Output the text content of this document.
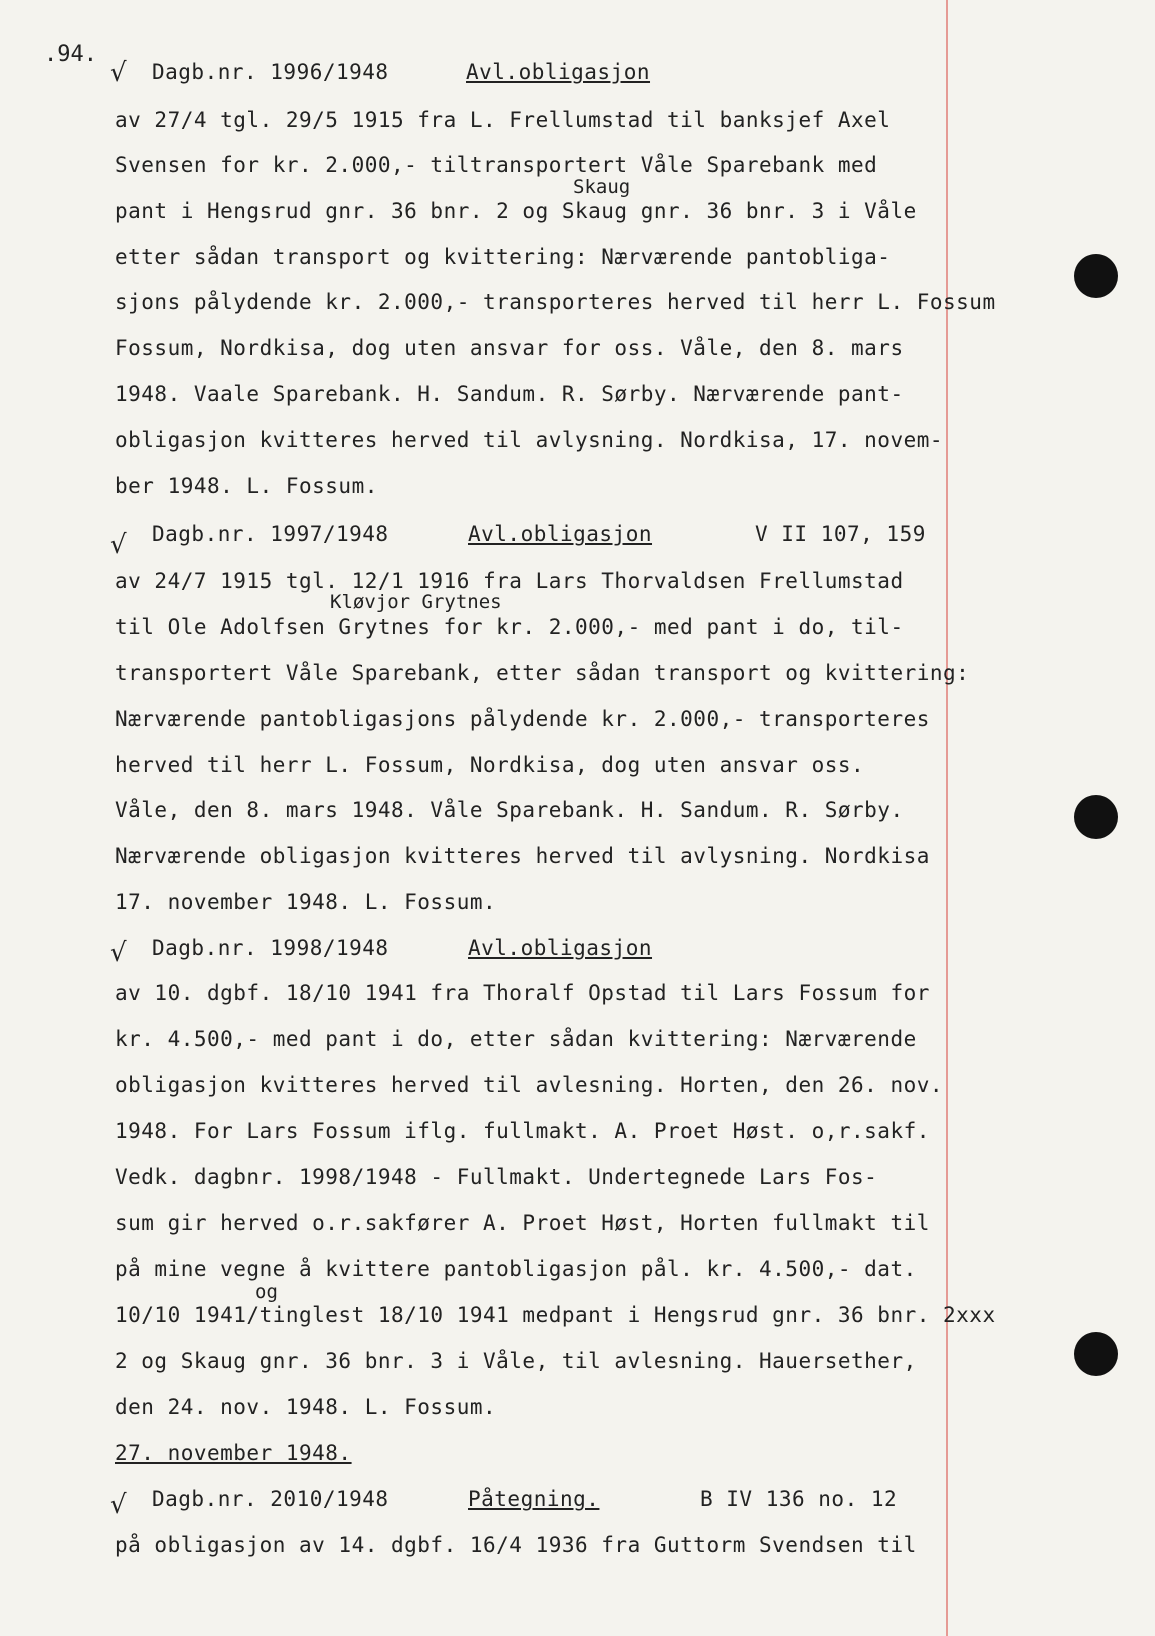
.94.
√ Dagb.nr. 1996/1948	Avl.obligasjon
Skaug
av 27/4 tgl. 29/5 1915 fra L. Frellumstad til banksjef Axel
Svensen for kr. 2.000,- tiltransportert Våle Sparebank med
pant i Hengsrud gnr. 36 bnr. 2 og Skaug gnr. 36 bnr. 3 i Våle
etter sådan transport og kvittering: Nærværende pantobliga-
sjons pålydende kr. 2.000,- transporteres herved til herr L. Fossum
Fossum, Nordkisa, dog uten ansvar for oss. Våle, den 8. mars
1948. Vaale Sparebank. H. Sandum. R. Sørby. Nærværende pant-
obligasjon kvitteres herved til avlysning. Nordkisa, 17. novem-
ber 1948. L. Fossum.
√ Dagb.nr. 1997/1948	Avl.obligasjon	V II 107, 159
Kløvjor Grytnes
av 24/7 1915 tgl. 12/1 1916 fra Lars Thorvaldsen Frellumstad
til Ole Adolfsen Grytnes for kr. 2.000,- med pant i do, til-
transportert Våle Sparebank, etter sådan transport og kvittering:
Nærværende pantobligasjons pålydende kr. 2.000,- transporteres
herved til herr L. Fossum, Nordkisa, dog uten ansvar oss.
Våle, den 8. mars 1948. Våle Sparebank. H. Sandum. R. Sørby.
Nærværende obligasjon kvitteres herved til avlysning. Nordkisa
17. november 1948. L. Fossum.
√ Dagb.nr. 1998/1948	Avl.obligasjon
og
av 10. dgbf. 18/10 1941 fra Thoralf Opstad til Lars Fossum for
kr. 4.500,- med pant i do, etter sådan kvittering: Nærværende
obligasjon kvitteres herved til avlesning. Horten, den 26. nov.
1948. For Lars Fossum iflg. fullmakt. A. Proet Høst. o,r.sakf.
Vedk. dagbnr. 1998/1948 - Fullmakt. Undertegnede Lars Fos-
sum gir herved o.r.sakfører A. Proet Høst, Horten fullmakt til
på mine vegne å kvittere pantobligasjon pål. kr. 4.500,- dat.
10/10 1941/tinglest 18/10 1941 medpant i Hengsrud gnr. 36 bnr. 2xxx
2 og Skaug gnr. 36 bnr. 3 i Våle, til avlesning. Hauersether,
den 24. nov. 1948. L. Fossum.
27. november 1948.
√ Dagb.nr. 2010/1948	Påtegning.	B IV 136 no. 12
på obligasjon av 14. dgbf. 16/4 1936 fra Guttorm Svendsen til
